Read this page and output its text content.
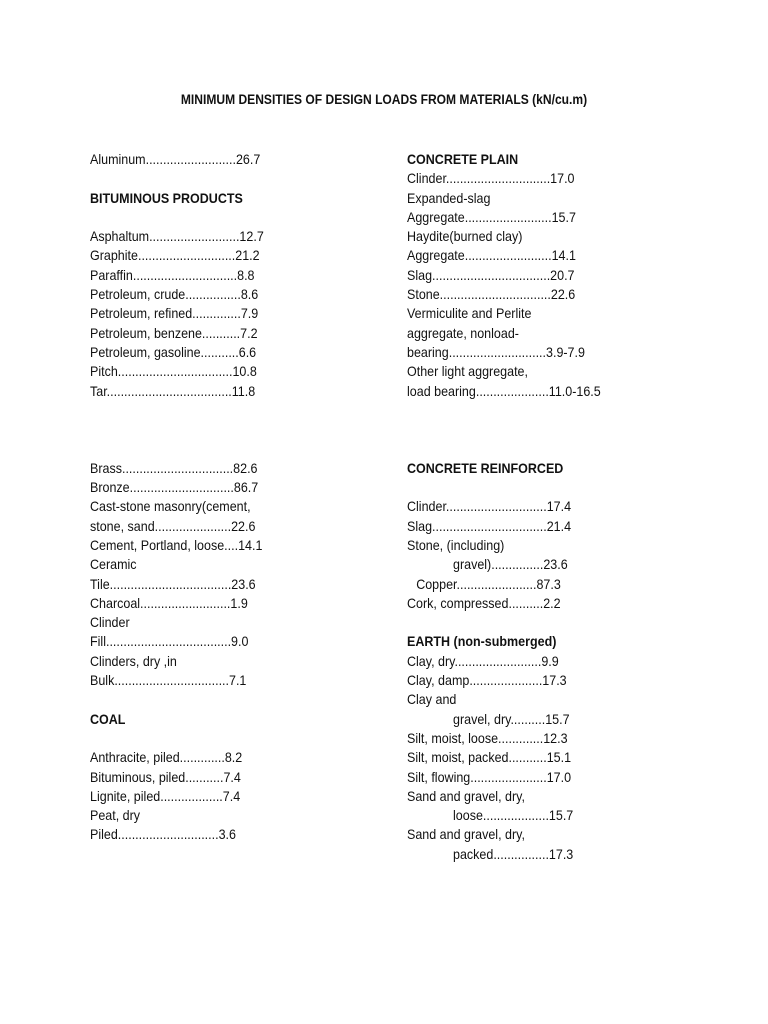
MINIMUM DENSITIES OF DESIGN LOADS FROM MATERIALS (kN/cu.m)
Aluminum..........................26.7
BITUMINOUS PRODUCTS
Asphaltum..........................12.7
Graphite............................21.2
Paraffin..............................8.8
Petroleum, crude................8.6
Petroleum, refined..............7.9
Petroleum, benzene...........7.2
Petroleum, gasoline...........6.6
Pitch.................................10.8
Tar....................................11.8
Brass................................82.6
Bronze..............................86.7
Cast-stone masonry(cement,
stone, sand......................22.6
Cement, Portland, loose....14.1
Ceramic
Tile...................................23.6
Charcoal..........................1.9
Clinder
Fill....................................9.0
Clinders, dry ,in
Bulk.................................7.1
COAL
Anthracite, piled.............8.2
Bituminous, piled...........7.4
Lignite, piled..................7.4
Peat, dry
Piled.............................3.6
CONCRETE PLAIN
Clinder..............................17.0
Expanded-slag
Aggregate.........................15.7
Haydite(burned clay)
Aggregate.........................14.1
Slag..................................20.7
Stone................................22.6
Vermiculite and Perlite
aggregate, nonload-
bearing............................3.9-7.9
Other light aggregate,
load bearing.....................11.0-16.5
CONCRETE REINFORCED
Clinder.............................17.4
Slag.................................21.4
Stone, (including)
gravel)...............23.6
Copper.......................87.3
Cork, compressed..........2.2
EARTH (non-submerged)
Clay, dry.........................9.9
Clay, damp.....................17.3
Clay and
gravel, dry..........15.7
Silt, moist, loose.............12.3
Silt, moist, packed...........15.1
Silt, flowing......................17.0
Sand and gravel, dry,
loose...................15.7
Sand and gravel, dry,
packed................17.3
